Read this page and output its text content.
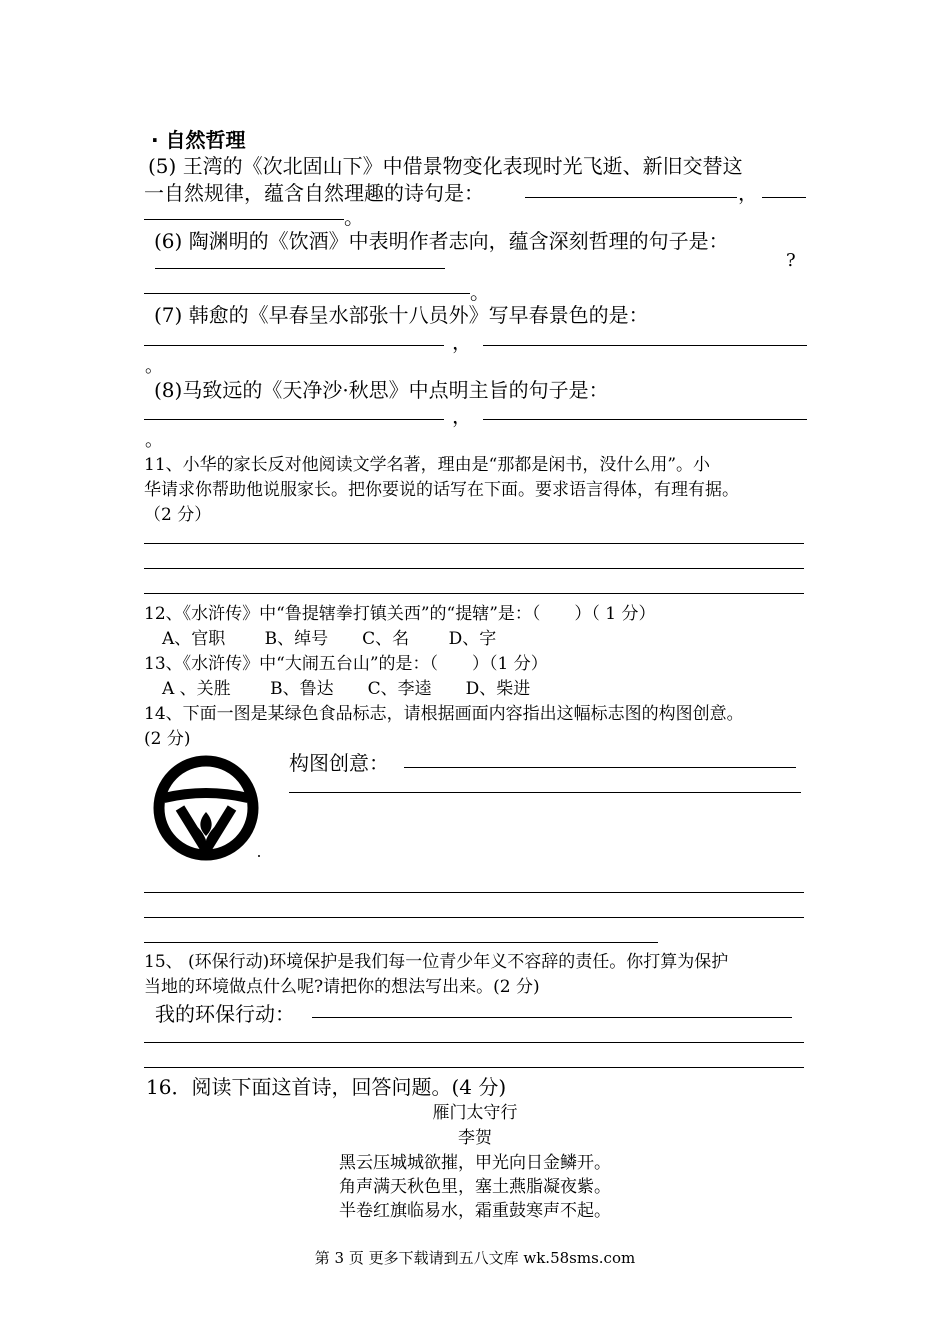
· 自然哲理
(5) 王湾的《次北固山下》中借景物变化表现时光飞逝、新旧交替这
一自然规律，蕴含自然理趣的诗句是：	，
。
(6) 陶渊明的《饮酒》中表明作者志向，蕴含深刻哲理的句子是：
?
。
(7) 韩愈的《早春呈水部张十八员外》写早春景色的是：
，
。
(8)马致远的《天净沙·秋思》中点明主旨的句子是：
，
。
11、小华的家长反对他阅读文学名著，理由是“那都是闲书，没什么用”。小
华请求你帮助他说服家长。把你要说的话写在下面。要求语言得体，有理有据。
（2 分）
12、《水浒传》中“鲁提辖拳打镇关西”的“提辖”是：（　　）（ 1 分）
A、官职　　 B、绰号　　C、名　　 D、字
13、《水浒传》中“大闹五台山”的是：（　　）（1 分）
A 、关胜　　 B、鲁达　　C、李逵　　D、柴进
14、下面一图是某绿色食品标志，请根据画面内容指出这幅标志图的构图创意。
(2 分)
构图创意：
15、 (环保行动)环境保护是我们每一位青少年义不容辞的责任。你打算为保护
当地的环境做点什么呢?请把你的想法写出来。(2 分)
我的环保行动：
16．阅读下面这首诗，回答问题。(4 分)
雁门太守行
李贺
黑云压城城欲摧，甲光向日金鳞开。
角声满天秋色里，塞土燕脂凝夜紫。
半卷红旗临易水，霜重鼓寒声不起。
第 3 页 更多下载请到五八文库 wk.58sms.com
